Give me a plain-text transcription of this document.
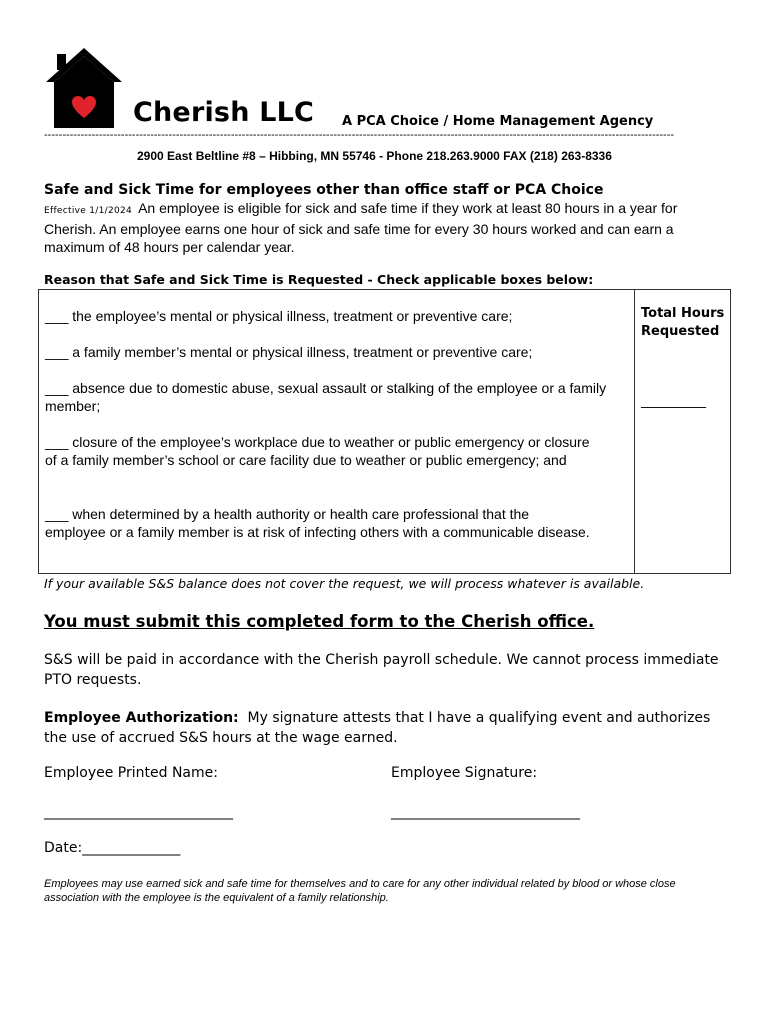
Cherish LLC A PCA Choice / Home Management Agency
----------------------------------------------------------------------------------------------------------------------------------------------------------------------------
2900 East Beltline #8 – Hibbing, MN 55746 - Phone 218.263.9000 FAX (218) 263-8336
Safe and Sick Time for employees other than office staff or PCA Choice
Effective 1/1/2024 An employee is eligible for sick and safe time if they work at least 80 hours in a year for Cherish. An employee earns one hour of sick and safe time for every 30 hours worked and can earn a maximum of 48 hours per calendar year.
Reason that Safe and Sick Time is Requested - Check applicable boxes below:
___ the employee’s mental or physical illness, treatment or preventive care;
___ a family member’s mental or physical illness, treatment or preventive care;
___ absence due to domestic abuse, sexual assault or stalking of the employee or a family member;
___ closure of the employee’s workplace due to weather or public emergency or closure of a family member’s school or care facility due to weather or public emergency; and
___ when determined by a health authority or health care professional that the employee or a family member is at risk of infecting others with a communicable disease.
Total Hours Requested
__________
If your available S&S balance does not cover the request, we will process whatever is available.
You must submit this completed form to the Cherish office.
S&S will be paid in accordance with the Cherish payroll schedule. We cannot process immediate PTO requests.
Employee Authorization: My signature attests that I have a qualifying event and authorizes the use of accrued S&S hours at the wage earned.
Employee Printed Name:	Employee Signature:
___________________________	___________________________
Date:______________
Employees may use earned sick and safe time for themselves and to care for any other individual related by blood or whose close association with the employee is the equivalent of a family relationship.
